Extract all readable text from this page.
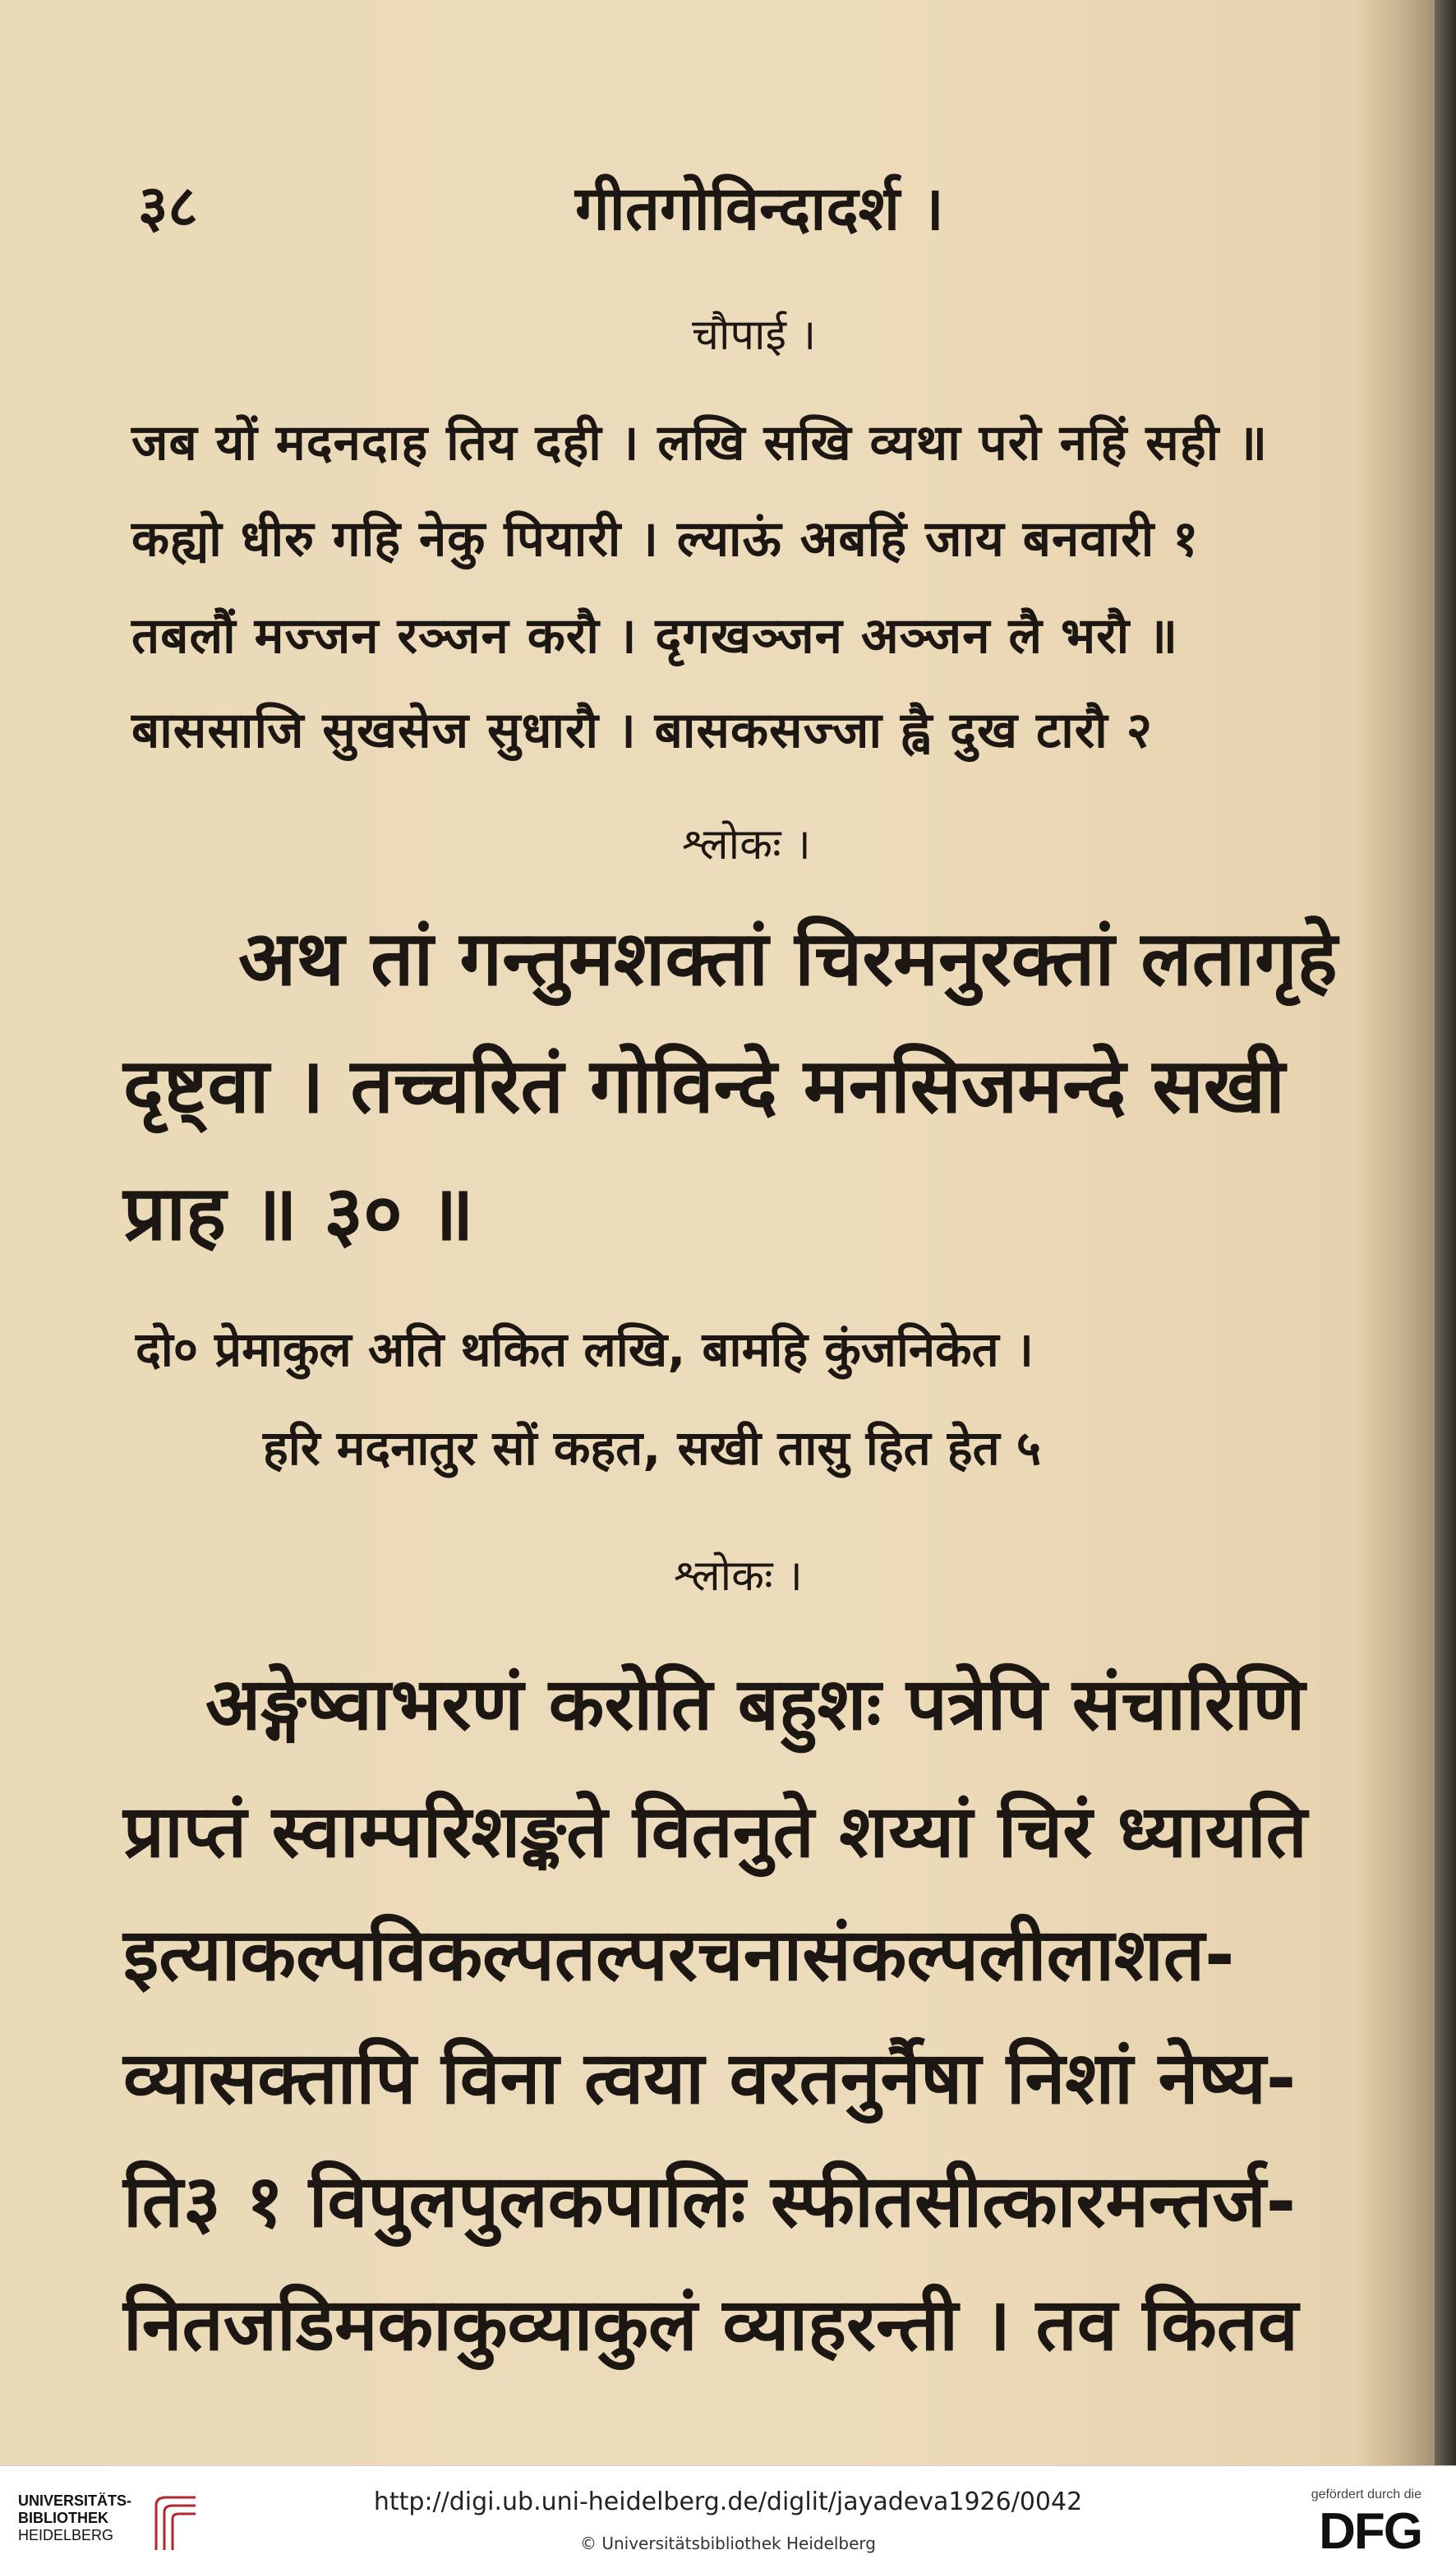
३८	गीतगोविन्दादर्श ।
चौपाई ।
जब यों मदनदाह तिय दही । लखि सखि व्यथा परो नहिं सही ॥
कह्यो धीरु गहि नेकु पियारी । ल्याऊं अबहिं जाय बनवारी १
तबलौं मज्जन रञ्जन करौ । दृगखञ्जन अञ्जन लै भरौ ॥
बाससाजि सुखसेज सुधारौ । बासकसज्जा ह्वै दुख टारौ २
श्लोकः ।
अथ तां गन्तुमशक्तां चिरमनुरक्तां लतागृहे
दृष्ट्वा । तच्चरितं गोविन्दे मनसिजमन्दे सखी
प्राह ॥ ३० ॥
दो० प्रेमाकुल अति थकित लखि, बामहि कुंजनिकेत ।
हरि मदनातुर सों कहत, सखी तासु हित हेत ५
श्लोकः ।
अङ्गेष्वाभरणं करोति बहुशः पत्रेपि संचारिणि
प्राप्तं स्वाम्परिशङ्कते वितनुते शय्यां चिरं ध्यायति
इत्याकल्पविकल्पतल्परचनासंकल्पलीलाशत-
व्यासक्तापि विना त्वया वरतनुर्नैषा निशां नेष्य-
ति३ १ विपुलपुलकपालिः स्फीतसीत्कारमन्तर्ज-
नितजडिमकाकुव्याकुलं व्याहरन्ती । तव कितव
UNIVERSITÄTS-
BIBLIOTHEK
HEIDELBERG
http://digi.ub.uni-heidelberg.de/diglit/jayadeva1926/0042
© Universitätsbibliothek Heidelberg
gefördert durch die
DFG
